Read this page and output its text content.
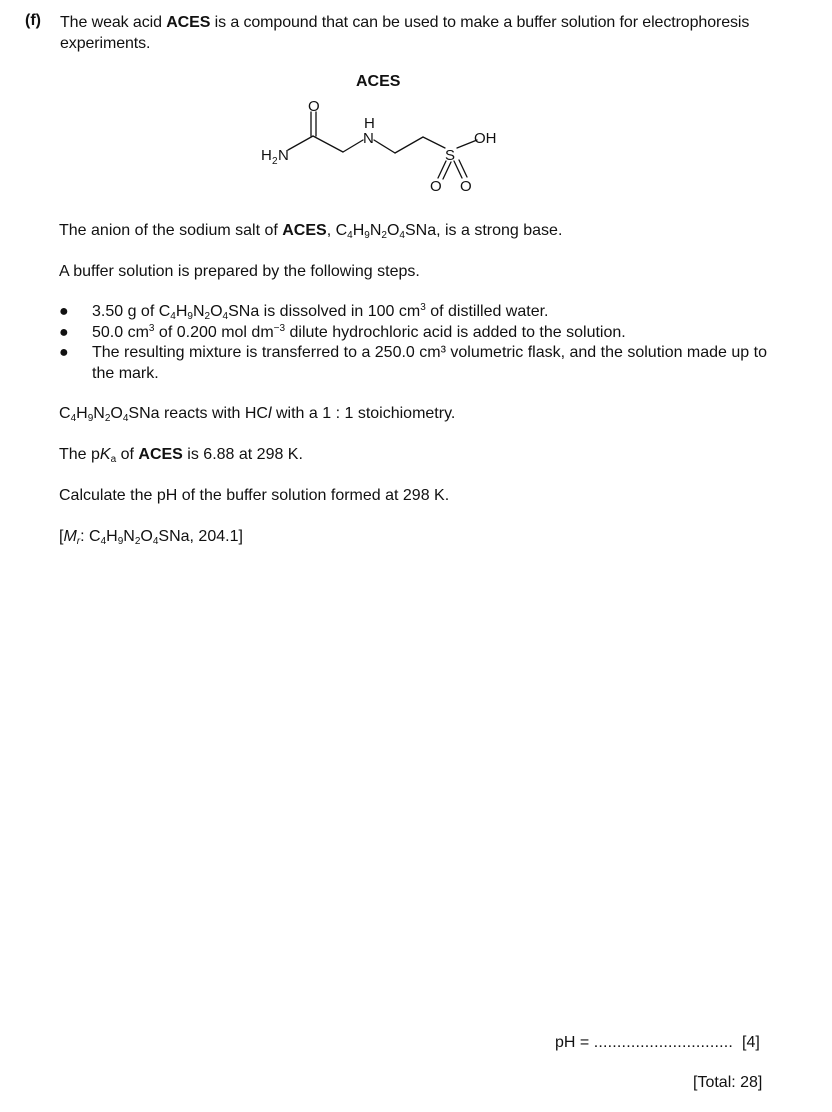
(f) The weak acid ACES is a compound that can be used to make a buffer solution for electrophoresis experiments.
ACES
H 2 N
O
H
N
S
OH
O O
The anion of the sodium salt of ACES, $C_4H_9N_2O_4SNa$, is a strong base.
A buffer solution is prepared by the following steps.
● 3.50 g of $C_4H_9N_2O_4SNa$ is dissolved in 100 $cm^3$ of distilled water.
● 50.0 $cm^3$ of 0.200 mol $dm^{-3}$ dilute hydrochloric acid is added to the solution.
● The resulting mixture is transferred to a 250.0 cm³ volumetric flask, and the solution made up to the mark.
$C_4H_9N_2O_4SNa$ reacts with HCl with a 1 : 1 stoichiometry.
The $pK_a$ of ACES is 6.88 at 298 K.
Calculate the pH of the buffer solution formed at 298 K.
[$M_r$: $C_4H_9N_2O_4SNa$, 204.1]
pH = .............................. [4]
[Total: 28]
